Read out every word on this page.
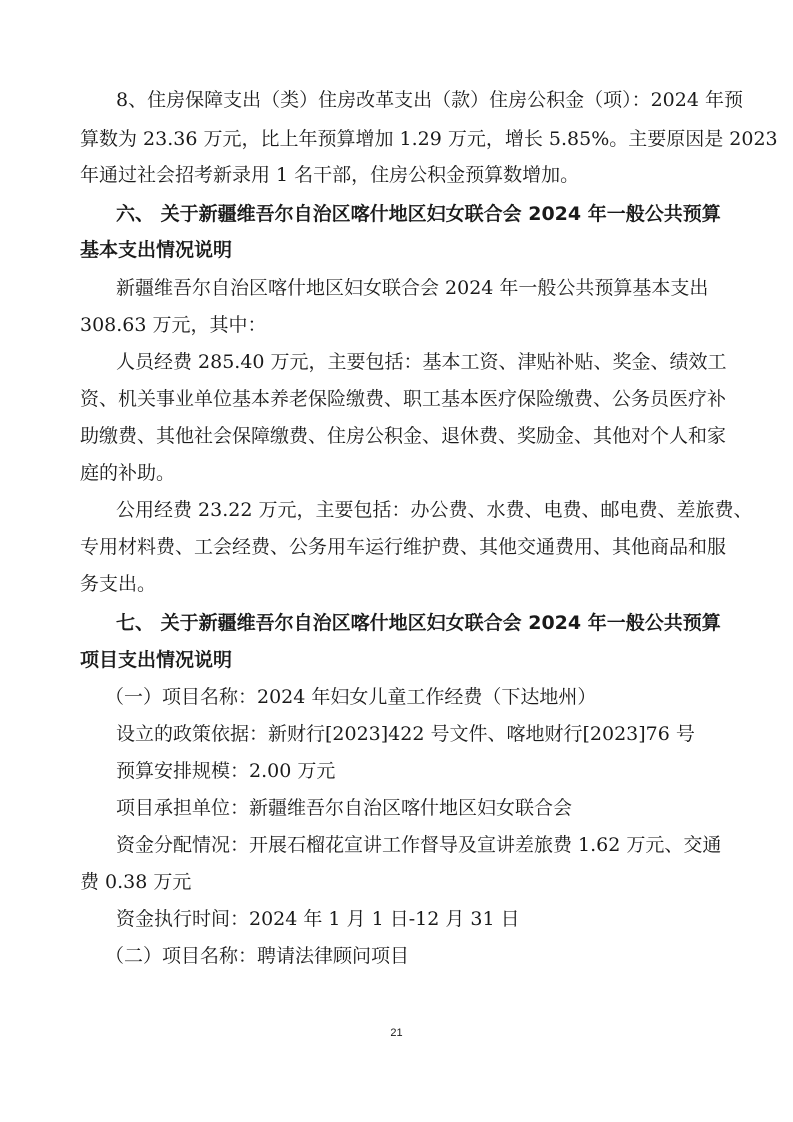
8、住房保障支出（类）住房改革支出（款）住房公积金（项）：2024 年预
算数为 23.36 万元，比上年预算增加 1.29 万元，增长 5.85%。主要原因是 2023
年通过社会招考新录用 1 名干部，住房公积金预算数增加。
六、 关于新疆维吾尔自治区喀什地区妇女联合会 2024 年一般公共预算
基本支出情况说明
新疆维吾尔自治区喀什地区妇女联合会 2024 年一般公共预算基本支出
308.63 万元，其中：
人员经费 285.40 万元，主要包括：基本工资、津贴补贴、奖金、绩效工
资、机关事业单位基本养老保险缴费、职工基本医疗保险缴费、公务员医疗补
助缴费、其他社会保障缴费、住房公积金、退休费、奖励金、其他对个人和家
庭的补助。
公用经费 23.22 万元，主要包括：办公费、水费、电费、邮电费、差旅费、
专用材料费、工会经费、公务用车运行维护费、其他交通费用、其他商品和服
务支出。
七、 关于新疆维吾尔自治区喀什地区妇女联合会 2024 年一般公共预算
项目支出情况说明
（一）项目名称：2024 年妇女儿童工作经费（下达地州）
设立的政策依据：新财行[2023]422 号文件、喀地财行[2023]76 号
预算安排规模：2.00 万元
项目承担单位：新疆维吾尔自治区喀什地区妇女联合会
资金分配情况：开展石榴花宣讲工作督导及宣讲差旅费 1.62 万元、交通
费 0.38 万元
资金执行时间：2024 年 1 月 1 日-12 月 31 日
（二）项目名称：聘请法律顾问项目
21
